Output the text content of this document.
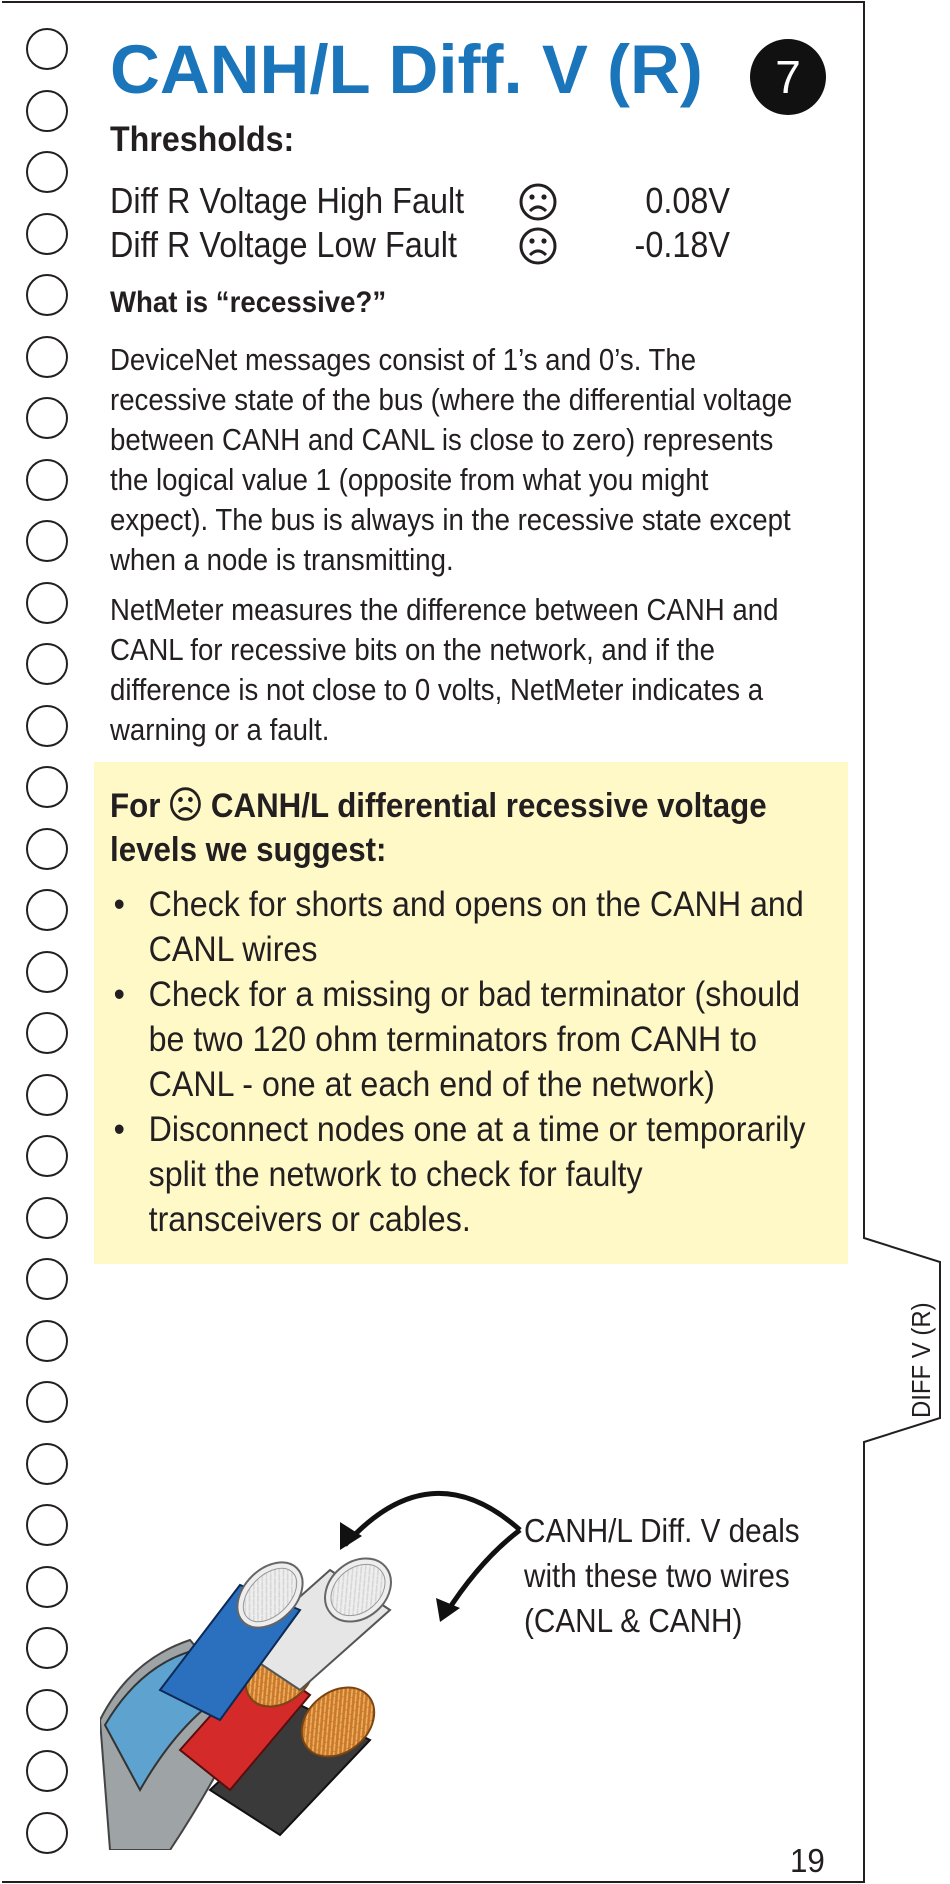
CANH/L Diff. V (R)	7
Thresholds:
Diff R Voltage High Fault	0.08V
Diff R Voltage Low Fault	-0.18V
What is “recessive?”

DeviceNet messages consist of 1’s and 0’s. The recessive state of the bus (where the differential voltage between CANH and CANL is close to zero) represents the logical value 1 (opposite from what you might expect). The bus is always in the recessive state except when a node is transmitting.

NetMeter measures the difference between CANH and CANL for recessive bits on the network, and if the difference is not close to 0 volts, NetMeter indicates a warning or a fault.

For CANH/L differential recessive voltage levels we suggest:
• Check for shorts and opens on the CANH and CANL wires
• Check for a missing or bad terminator (should be two 120 ohm terminators from CANH to CANL - one at each end of the network)
• Disconnect nodes one at a time or temporarily split the network to check for faulty transceivers or cables.
DIFF V (R)
CANH/L Diff. V deals with these two wires (CANL & CANH)
19
